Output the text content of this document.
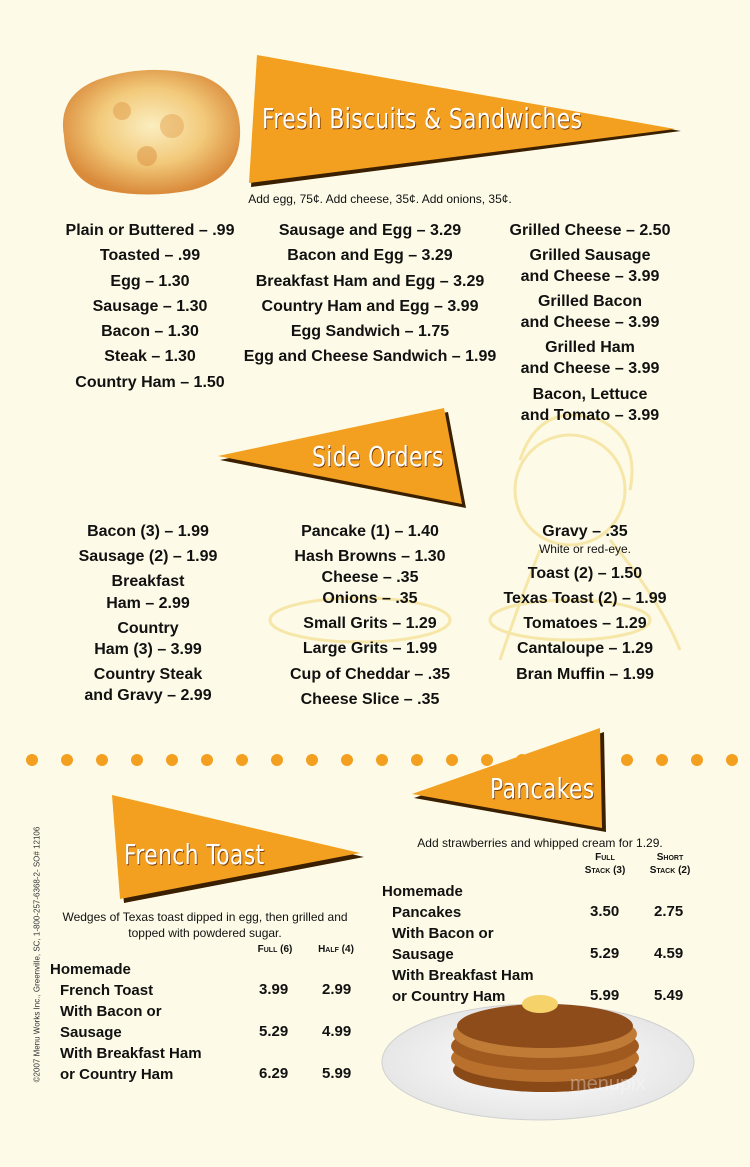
Fresh Biscuits & Sandwiches
Add egg, 75¢. Add cheese, 35¢. Add onions, 35¢.
Plain or Buttered – .99
Toasted – .99
Egg – 1.30
Sausage – 1.30
Bacon – 1.30
Steak – 1.30
Country Ham – 1.50
Sausage and Egg – 3.29
Bacon and Egg – 3.29
Breakfast Ham and Egg – 3.29
Country Ham and Egg – 3.99
Egg Sandwich – 1.75
Egg and Cheese Sandwich – 1.99
Grilled Cheese – 2.50
Grilled Sausage
and Cheese – 3.99
Grilled Bacon
and Cheese – 3.99
Grilled Ham
and Cheese – 3.99
Bacon, Lettuce
and Tomato – 3.99
Side Orders
Bacon (3) – 1.99
Sausage (2) – 1.99
Breakfast
Ham – 2.99
Country
Ham (3) – 3.99
Country Steak
and Gravy – 2.99
Pancake (1) – 1.40
Hash Browns – 1.30
Cheese – .35
Onions – .35
Small Grits – 1.29
Large Grits – 1.99
Cup of Cheddar – .35
Cheese Slice – .35
Gravy – .35
White or red-eye.
Toast (2) – 1.50
Texas Toast (2) – 1.99
Tomatoes – 1.29
Cantaloupe – 1.29
Bran Muffin – 1.99
Pancakes
Add strawberries and whipped cream for 1.29.
French Toast
Wedges of Texas toast dipped in egg, then grilled and
topped with powdered sugar.
Full (6)	Half (4)
Homemade
French Toast	3.99 2.99
With Bacon or
Sausage	5.29 4.99
With Breakfast Ham
or Country Ham	6.29 5.99
Full
Stack (3)
Short
Stack (2)
Homemade
Pancakes	3.50 2.75
With Bacon or
Sausage	5.29 4.59
With Breakfast Ham
or Country Ham	5.99 5.49
menupix
©2007 Menu Works Inc., Greenville, SC, 1-800-257-6368-2- SO# 12106
